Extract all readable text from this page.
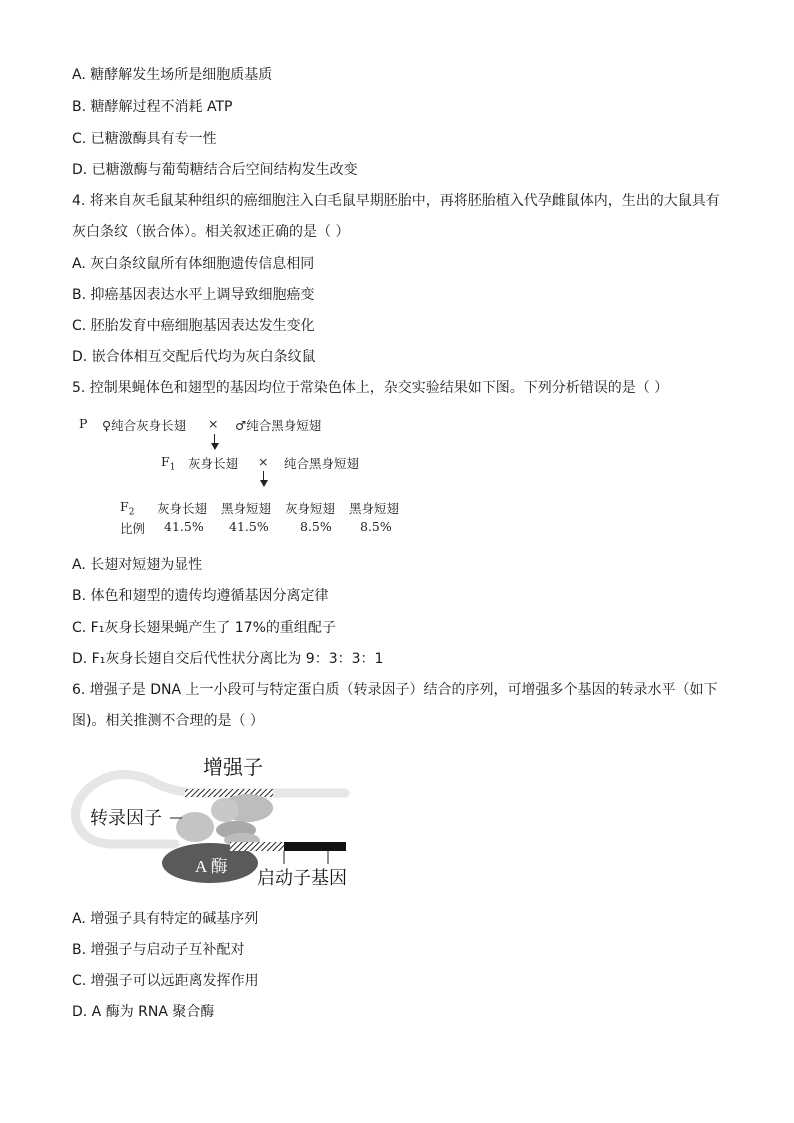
A. 糖酵解发生场所是细胞质基质
B. 糖酵解过程不消耗 ATP
C. 已糖激酶具有专一性
D. 已糖激酶与葡萄糖结合后空间结构发生改变
4. 将来自灰毛鼠某种组织的癌细胞注入白毛鼠早期胚胎中，再将胚胎植入代孕雌鼠体内，生出的大鼠具有
灰白条纹（嵌合体）。相关叙述正确的是（ ）
A. 灰白条纹鼠所有体细胞遗传信息相同
B. 抑癌基因表达水平上调导致细胞癌变
C. 胚胎发育中癌细胞基因表达发生变化
D. 嵌合体相互交配后代均为灰白条纹鼠
5. 控制果蝇体色和翅型的基因均位于常染色体上，杂交实验结果如下图。下列分析错误的是（ ）
P ♀纯合灰身长翅 × ♂纯合黑身短翅
$F_1$ 灰身长翅 × 纯合黑身短翅
$F_2$ 灰身长翅 黑身短翅 灰身短翅 黑身短翅
比例 41.5% 41.5%	8.5% 8.5%
A. 长翅对短翅为显性
B. 体色和翅型的遗传均遵循基因分离定律
C. F₁灰身长翅果蝇产生了 17%的重组配子
D. F₁灰身长翅自交后代性状分离比为 9：3：3：1
6. 增强子是 DNA 上一小段可与特定蛋白质（转录因子）结合的序列，可增强多个基因的转录水平（如下
图)。相关推测不合理的是（ ）
增强子
转录因子
A 酶
启动子基因
A. 增强子具有特定的碱基序列
B. 增强子与启动子互补配对
C. 增强子可以远距离发挥作用
D. A 酶为 RNA 聚合酶
